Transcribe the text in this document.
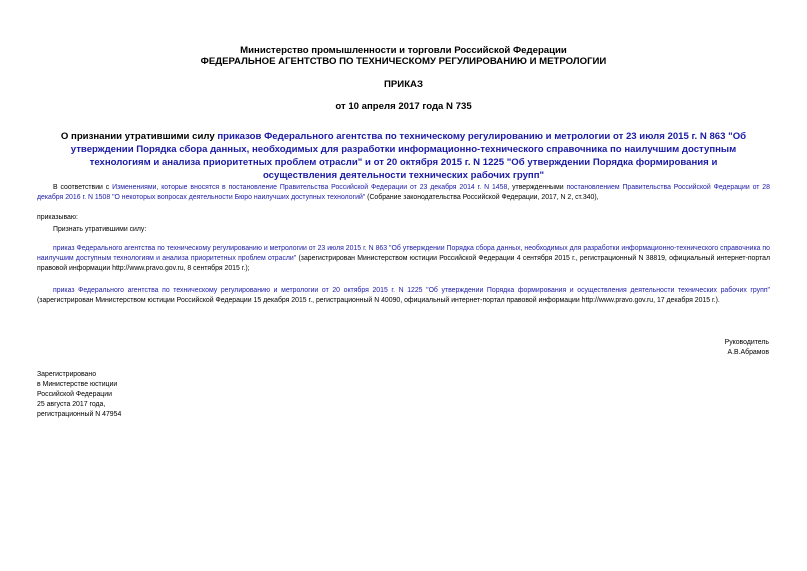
Министерство промышленности и торговли Российской Федерации
ФЕДЕРАЛЬНОЕ АГЕНТСТВО ПО ТЕХНИЧЕСКОМУ РЕГУЛИРОВАНИЮ И МЕТРОЛОГИИ
ПРИКАЗ
от 10 апреля 2017 года N 735
О признании утратившими силу приказов Федерального агентства по техническому регулированию и метрологии от 23 июля 2015 г. N 863 "Об утверждении Порядка сбора данных, необходимых для разработки информационно-технического справочника по наилучшим доступным технологиям и анализа приоритетных проблем отрасли" и от 20 октября 2015 г. N 1225 "Об утверждении Порядка формирования и осуществления деятельности технических рабочих групп"
В соответствии с Изменениями, которые вносятся в постановление Правительства Российской Федерации от 23 декабря 2014 г. N 1458, утвержденными постановлением Правительства Российской Федерации от 28 декабря 2016 г. N 1508 "О некоторых вопросах деятельности Бюро наилучших доступных технологий" (Собрание законодательства Российской Федерации, 2017, N 2, ст.340),
приказываю:
Признать утратившими силу:
приказ Федерального агентства по техническому регулированию и метрологии от 23 июля 2015 г. N 863 "Об утверждении Порядка сбора данных, необходимых для разработки информационно-технического справочника по наилучшим доступным технологиям и анализа приоритетных проблем отрасли" (зарегистрирован Министерством юстиции Российской Федерации 4 сентября 2015 г., регистрационный N 38819, официальный интернет-портал правовой информации http://www.pravo.gov.ru, 8 сентября 2015 г.);
приказ Федерального агентства по техническому регулированию и метрологии от 20 октября 2015 г. N 1225 "Об утверждении Порядка формирования и осуществления деятельности технических рабочих групп" (зарегистрирован Министерством юстиции Российской Федерации 15 декабря 2015 г., регистрационный N 40090, официальный интернет-портал правовой информации http://www.pravo.gov.ru, 17 декабря 2015 г.).
Руководитель
А.В.Абрамов
Зарегистрировано
в Министерстве юстиции
Российской Федерации
25 августа 2017 года,
регистрационный N 47954
